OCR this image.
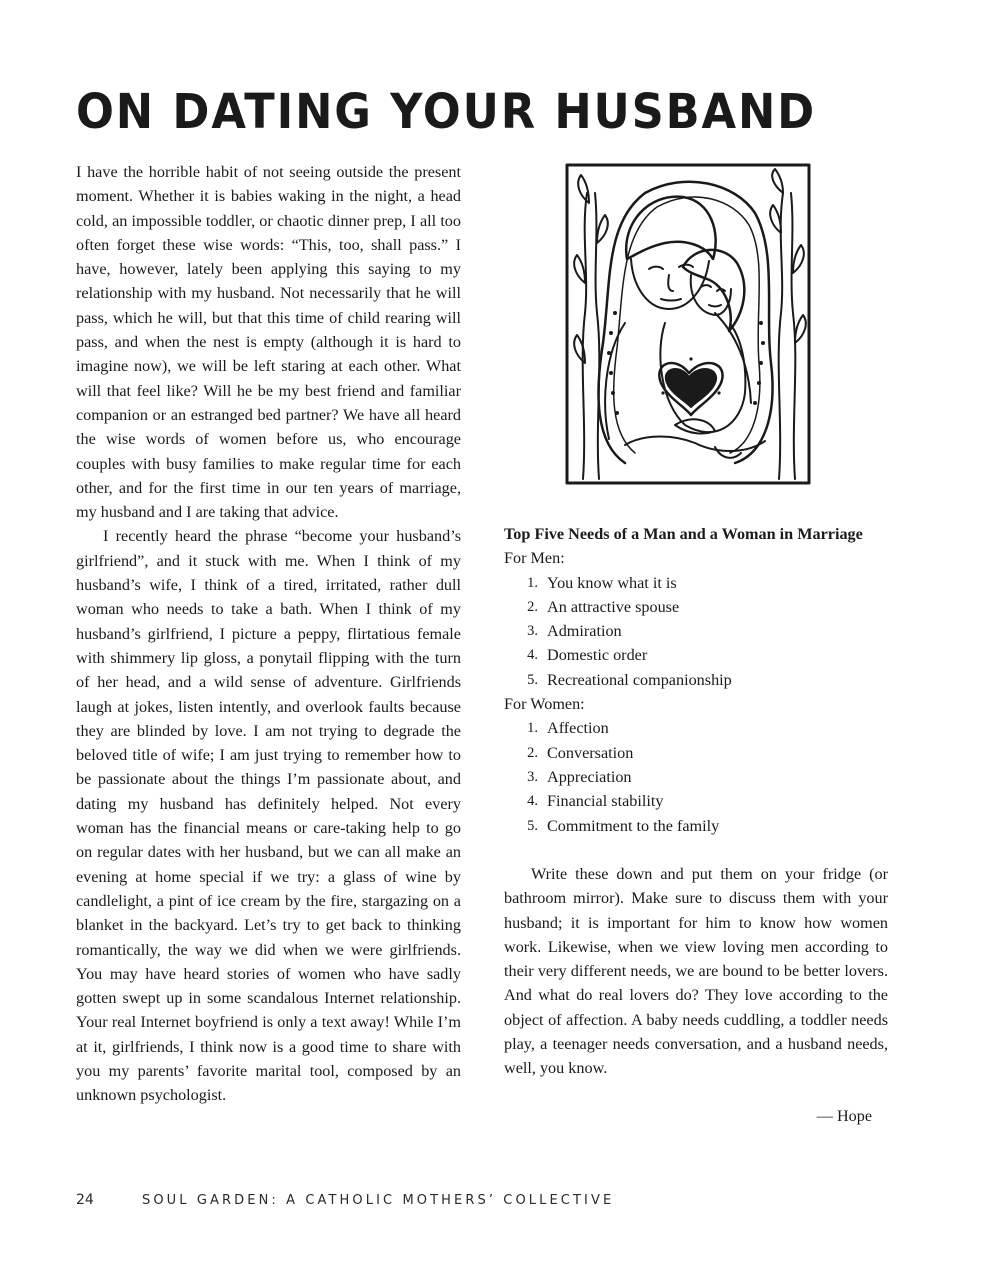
ON DATING YOUR HUSBAND

I have the horrible habit of not seeing outside the present moment. Whether it is babies waking in the night, a head cold, an impossible toddler, or chaotic dinner prep, I all too often forget these wise words: “This, too, shall pass.” I have, however, lately been applying this saying to my relationship with my husband. Not necessarily that he will pass, which he will, but that this time of child rearing will pass, and when the nest is empty (although it is hard to imagine now), we will be left staring at each other. What will that feel like? Will he be my best friend and familiar companion or an estranged bed partner? We have all heard the wise words of women before us, who encourage couples with busy families to make regular time for each other, and for the first time in our ten years of marriage, my husband and I are taking that advice.

I recently heard the phrase “become your husband’s girlfriend”, and it stuck with me. When I think of my husband’s wife, I think of a tired, irritated, rather dull woman who needs to take a bath. When I think of my husband’s girlfriend, I picture a peppy, flirtatious female with shimmery lip gloss, a ponytail flipping with the turn of her head, and a wild sense of adventure. Girlfriends laugh at jokes, listen intently, and overlook faults because they are blinded by love. I am not trying to degrade the beloved title of wife; I am just trying to remember how to be passionate about the things I’m passionate about, and dating my husband has definitely helped. Not every woman has the financial means or care-taking help to go on regular dates with her husband, but we can all make an evening at home special if we try: a glass of wine by candlelight, a pint of ice cream by the fire, stargazing on a blanket in the backyard. Let’s try to get back to thinking romantically, the way we did when we were girlfriends. You may have heard stories of women who have sadly gotten swept up in some scandalous Internet relationship. Your real Internet boyfriend is only a text away! While I’m at it, girlfriends, I think now is a good time to share with you my parents’ favorite marital tool, composed by an unknown psychologist.

Top Five Needs of a Man and a Woman in Marriage

For Men:

1. You know what it is
2. An attractive spouse
3. Admiration
4. Domestic order
5. Recreational companionship

For Women:

1. Affection
2. Conversation
3. Appreciation
4. Financial stability
5. Commitment to the family

Write these down and put them on your fridge (or bathroom mirror). Make sure to discuss them with your husband; it is important for him to know how women work. Likewise, when we view loving men according to their very different needs, we are bound to be better lovers. And what do real lovers do? They love according to the object of affection. A baby needs cuddling, a toddler needs play, a teenager needs conversation, and a husband needs, well, you know.

— Hope

24	SOUL GARDEN: A CATHOLIC MOTHERS’ COLLECTIVE
